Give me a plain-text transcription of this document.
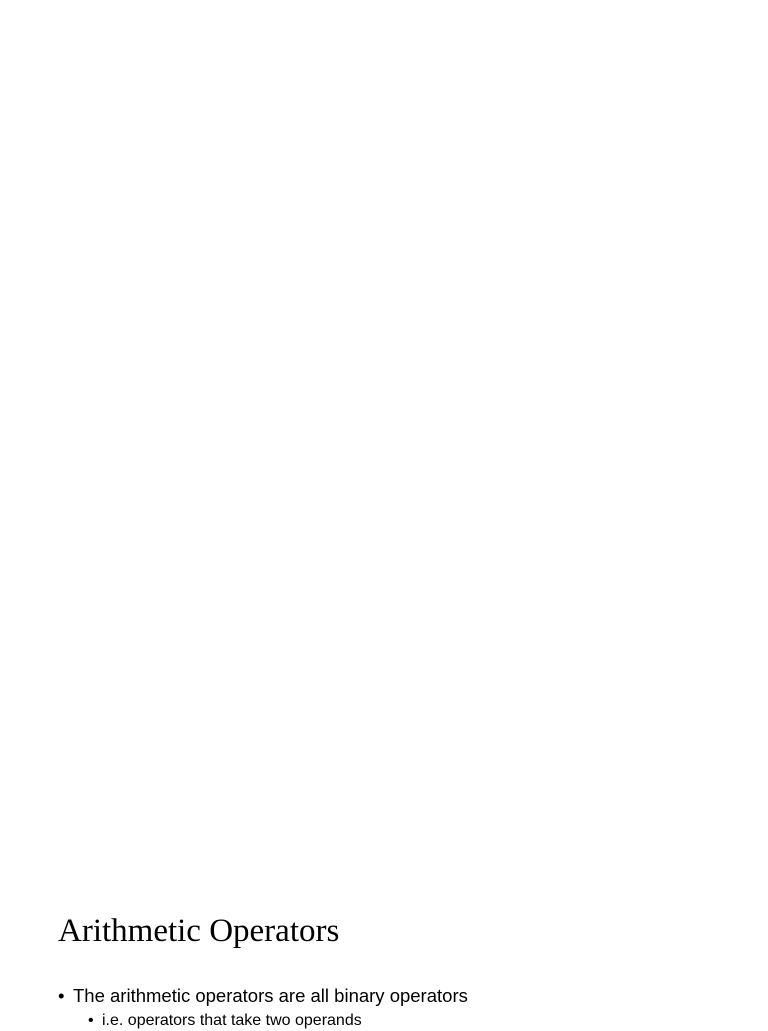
•
•
•
•
•
•
Arithmetic Operators
• The arithmetic operators are all binary operators
• i.e. operators that take two operands
